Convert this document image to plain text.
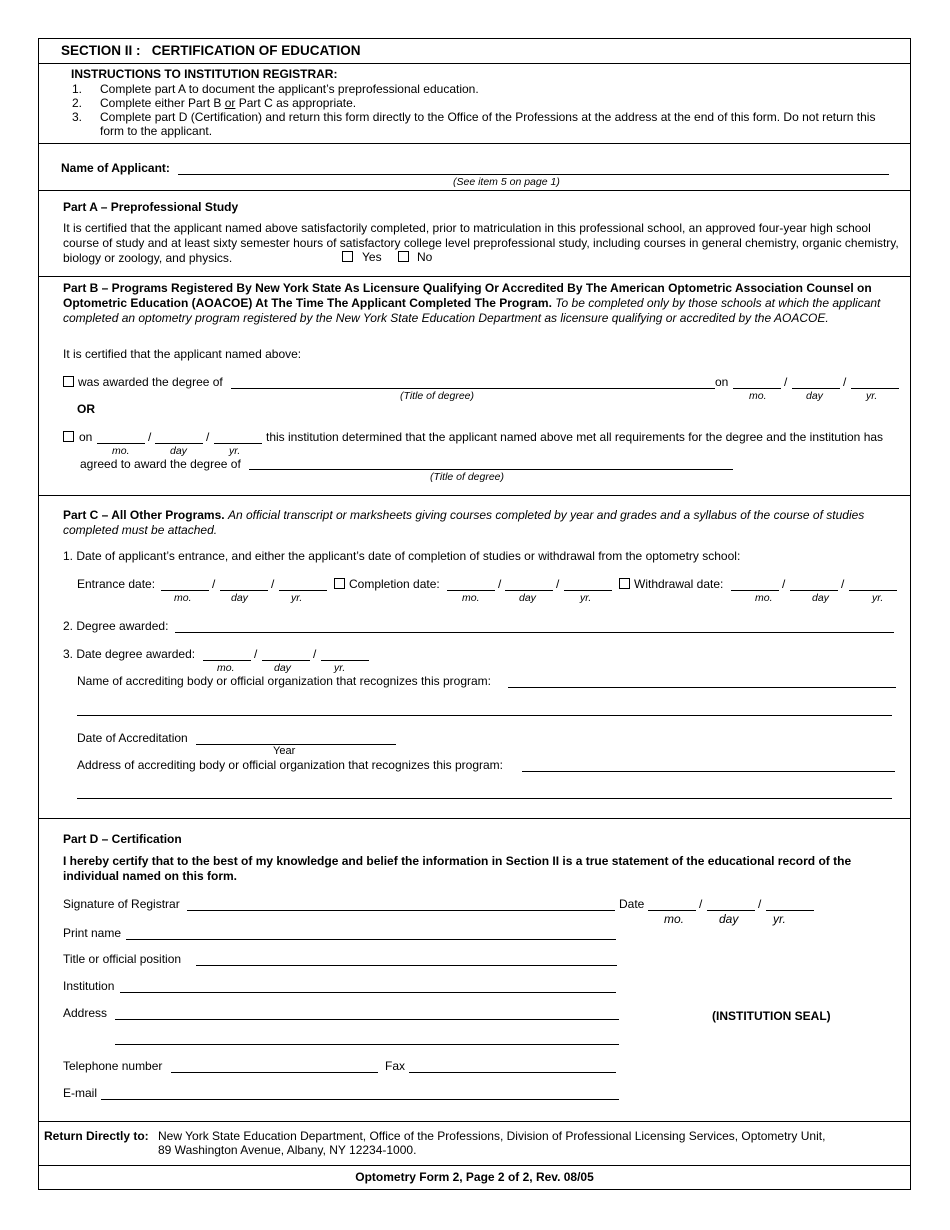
SECTION II :   CERTIFICATION OF EDUCATION
INSTRUCTIONS TO INSTITUTION REGISTRAR:
1. Complete part A to document the applicant’s preprofessional education.
2. Complete either Part B or Part C as appropriate.
3. Complete part D (Certification) and return this form directly to the Office of the Professions at the address at the end of this form. Do not return this form to the applicant.
Name of Applicant:
(See item 5 on page 1)
Part A – Preprofessional Study
It is certified that the applicant named above satisfactorily completed, prior to matriculation in this professional school, an approved four-year high school course of study and at least sixty semester hours of satisfactory college level preprofessional study, including courses in general chemistry, organic chemistry, biology or zoology, and physics.	Yes	No
Part B – Programs Registered By New York State As Licensure Qualifying Or Accredited By The American Optometric Association Counsel on Optometric Education (AOACOE) At The Time The Applicant Completed The Program. To be completed only by those schools at which the applicant completed an optometry program registered by the New York State Education Department as licensure qualifying or accredited by the AOACOE.
It is certified that the applicant named above:
was awarded the degree of	on	/	/
(Title of degree)	mo.	day	yr.
OR
on	/	/	this institution determined that the applicant named above met all requirements for the degree and the institution has
mo.	day	yr.
agreed to award the degree of
(Title of degree)
Part C – All Other Programs. An official transcript or marksheets giving courses completed by year and grades and a syllabus of the course of studies completed must be attached.
1. Date of applicant’s entrance, and either the applicant’s date of completion of studies or withdrawal from the optometry school:
Entrance date:	/	/	Completion date:	/	/	Withdrawal date:	/	/
mo.	day	yr.	mo.	day	yr.	mo.	day	yr.
2. Degree awarded:
3. Date degree awarded:	/	/
mo.	day	yr.
Name of accrediting body or official organization that recognizes this program:
Date of Accreditation
Year
Address of accrediting body or official organization that recognizes this program:
Part D – Certification
I hereby certify that to the best of my knowledge and belief the information in Section II is a true statement of the educational record of the individual named on this form.
Signature of Registrar	Date	/	/
mo.	day	yr.
Print name
Title or official position
Institution
Address	(INSTITUTION SEAL)
Telephone number	Fax
E-mail
Return Directly to: New York State Education Department, Office of the Professions, Division of Professional Licensing Services, Optometry Unit,
89 Washington Avenue, Albany, NY 12234-1000.
Optometry Form 2, Page 2 of 2, Rev. 08/05
